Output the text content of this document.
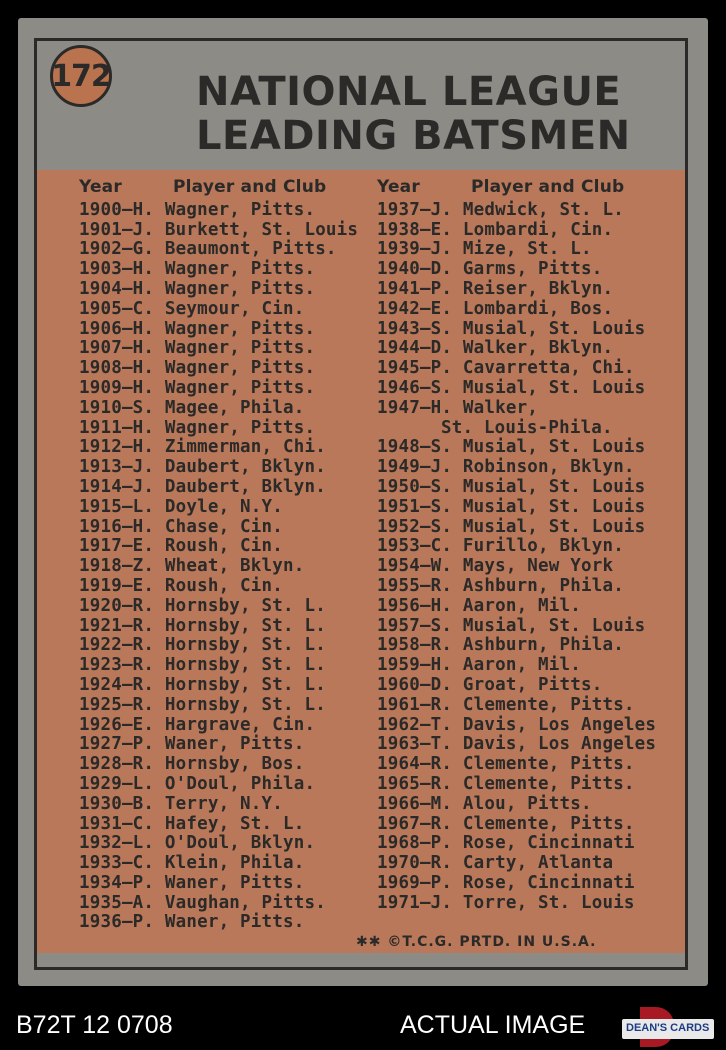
172 NATIONAL LEAGUE
LEADING BATSMEN
Year	Player and Club
1900—H. Wagner, Pitts.
1901—J. Burkett, St. Louis
1902—G. Beaumont, Pitts.
1903—H. Wagner, Pitts.
1904—H. Wagner, Pitts.
1905—C. Seymour, Cin.
1906—H. Wagner, Pitts.
1907—H. Wagner, Pitts.
1908—H. Wagner, Pitts.
1909—H. Wagner, Pitts.
1910—S. Magee, Phila.
1911—H. Wagner, Pitts.
1912—H. Zimmerman, Chi.
1913—J. Daubert, Bklyn.
1914—J. Daubert, Bklyn.
1915—L. Doyle, N.Y.
1916—H. Chase, Cin.
1917—E. Roush, Cin.
1918—Z. Wheat, Bklyn.
1919—E. Roush, Cin.
1920—R. Hornsby, St. L.
1921—R. Hornsby, St. L.
1922—R. Hornsby, St. L.
1923—R. Hornsby, St. L.
1924—R. Hornsby, St. L.
1925—R. Hornsby, St. L.
1926—E. Hargrave, Cin.
1927—P. Waner, Pitts.
1928—R. Hornsby, Bos.
1929—L. O'Doul, Phila.
1930—B. Terry, N.Y.
1931—C. Hafey, St. L.
1932—L. O'Doul, Bklyn.
1933—C. Klein, Phila.
1934—P. Waner, Pitts.
1935—A. Vaughan, Pitts.
1936—P. Waner, Pitts.
Year	Player and Club
1937—J. Medwick, St. L.
1938—E. Lombardi, Cin.
1939—J. Mize, St. L.
1940—D. Garms, Pitts.
1941—P. Reiser, Bklyn.
1942—E. Lombardi, Bos.
1943—S. Musial, St. Louis
1944—D. Walker, Bklyn.
1945—P. Cavarretta, Chi.
1946—S. Musial, St. Louis
1947—H. Walker,
St. Louis-Phila.
1948—S. Musial, St. Louis
1949—J. Robinson, Bklyn.
1950—S. Musial, St. Louis
1951—S. Musial, St. Louis
1952—S. Musial, St. Louis
1953—C. Furillo, Bklyn.
1954—W. Mays, New York
1955—R. Ashburn, Phila.
1956—H. Aaron, Mil.
1957—S. Musial, St. Louis
1958—R. Ashburn, Phila.
1959—H. Aaron, Mil.
1960—D. Groat, Pitts.
1961—R. Clemente, Pitts.
1962—T. Davis, Los Angeles
1963—T. Davis, Los Angeles
1964—R. Clemente, Pitts.
1965—R. Clemente, Pitts.
1966—M. Alou, Pitts.
1967—R. Clemente, Pitts.
1968—P. Rose, Cincinnati
1970—R. Carty, Atlanta
1969—P. Rose, Cincinnati
1971—J. Torre, St. Louis
✱✱ ©T.C.G. PRTD. IN U.S.A.
B72T 12 0708	ACTUAL IMAGE	DEAN'S CARDS
